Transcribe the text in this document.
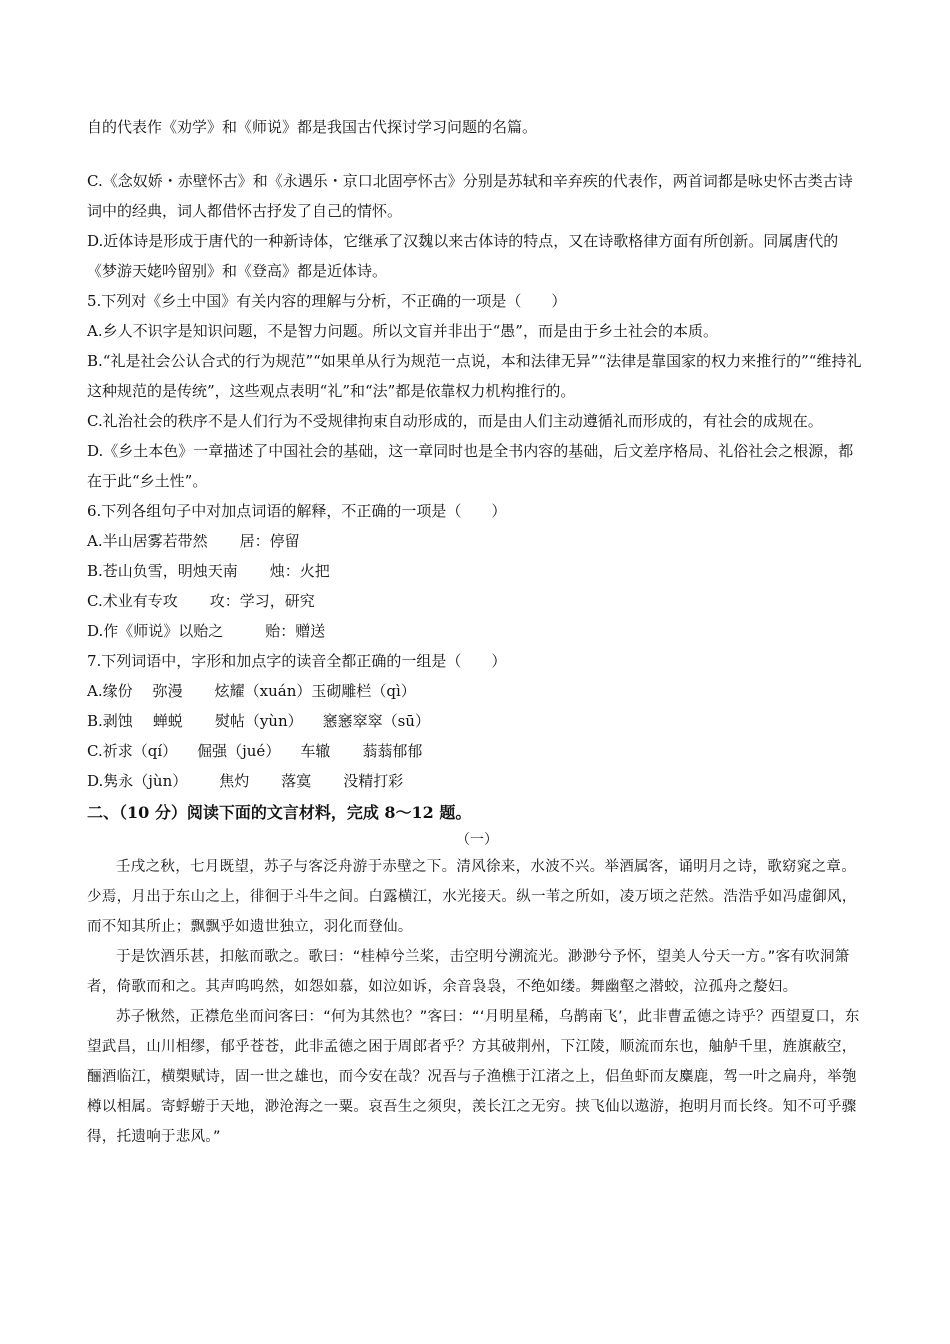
自的代表作《劝学》和《师说》都是我国古代探讨学习问题的名篇。
C.《念奴娇・赤壁怀古》和《永遇乐・京口北固亭怀古》分别是苏轼和辛弃疾的代表作，两首词都是咏史怀古类古诗词中的经典，词人都借怀古抒发了自己的情怀。
D.近体诗是形成于唐代的一种新诗体，它继承了汉魏以来古体诗的特点，又在诗歌格律方面有所创新。同属唐代的《梦游天姥吟留别》和《登高》都是近体诗。
5.下列对《乡土中国》有关内容的理解与分析，不正确的一项是（　　）
A.乡人不识字是知识问题，不是智力问题。所以文盲并非出于“愚”，而是由于乡土社会的本质。
B.“礼是社会公认合式的行为规范”“如果单从行为规范一点说，本和法律无异”“法律是靠国家的权力来推行的”“维持礼这种规范的是传统”，这些观点表明“礼”和“法”都是依靠权力机构推行的。
C.礼治社会的秩序不是人们行为不受规律拘束自动形成的，而是由人们主动遵循礼而形成的，有社会的成规在。
D.《乡土本色》一章描述了中国社会的基础，这一章同时也是全书内容的基础，后文差序格局、礼俗社会之根源，都在于此“乡土性”。
6.下列各组句子中对加点词语的解释，不正确的一项是（　　）
A.半山居雾若带然 居：停留
B.苍山负雪，明烛天南 烛：火把
C.术业有专攻 攻：学习，研究
D.作《师说》以贻之	贻：赠送
7.下列词语中，字形和加点字的读音全都正确的一组是（　　）
A.缘份 弥漫 炫耀（xuán）玉砌雕栏（qì）
B.剥蚀 蝉蜕 熨帖（yùn） 窸窸窣窣（sū）
C.祈求（qí） 倔强（jué） 车辙 蓊蓊郁郁
D.隽永（jùn） 焦灼 落寞 没精打彩
二、（10 分）阅读下面的文言材料，完成 8～12 题。
（一）

壬戌之秋，七月既望，苏子与客泛舟游于赤壁之下。清风徐来，水波不兴。举酒属客，诵明月之诗，歌窈窕之章。少焉，月出于东山之上，徘徊于斗牛之间。白露横江，水光接天。纵一苇之所如，凌万顷之茫然。浩浩乎如冯虚御风，而不知其所止；飘飘乎如遗世独立，羽化而登仙。

于是饮酒乐甚，扣舷而歌之。歌曰：“桂棹兮兰桨，击空明兮溯流光。渺渺兮予怀，望美人兮天一方。”客有吹洞箫者，倚歌而和之。其声呜呜然，如怨如慕，如泣如诉，余音袅袅，不绝如缕。舞幽壑之潜蛟，泣孤舟之嫠妇。

苏子愀然，正襟危坐而问客曰：“何为其然也？”客曰：“‘月明星稀，乌鹊南飞’，此非曹孟德之诗乎？西望夏口，东望武昌，山川相缪，郁乎苍苍，此非孟德之困于周郎者乎？方其破荆州，下江陵，顺流而东也，舳舻千里，旌旗蔽空，酾酒临江，横槊赋诗，固一世之雄也，而今安在哉？况吾与子渔樵于江渚之上，侣鱼虾而友麋鹿，驾一叶之扁舟，举匏樽以相属。寄蜉蝣于天地，渺沧海之一粟。哀吾生之须臾，羡长江之无穷。挟飞仙以遨游，抱明月而长终。知不可乎骤得，托遗响于悲风。”
